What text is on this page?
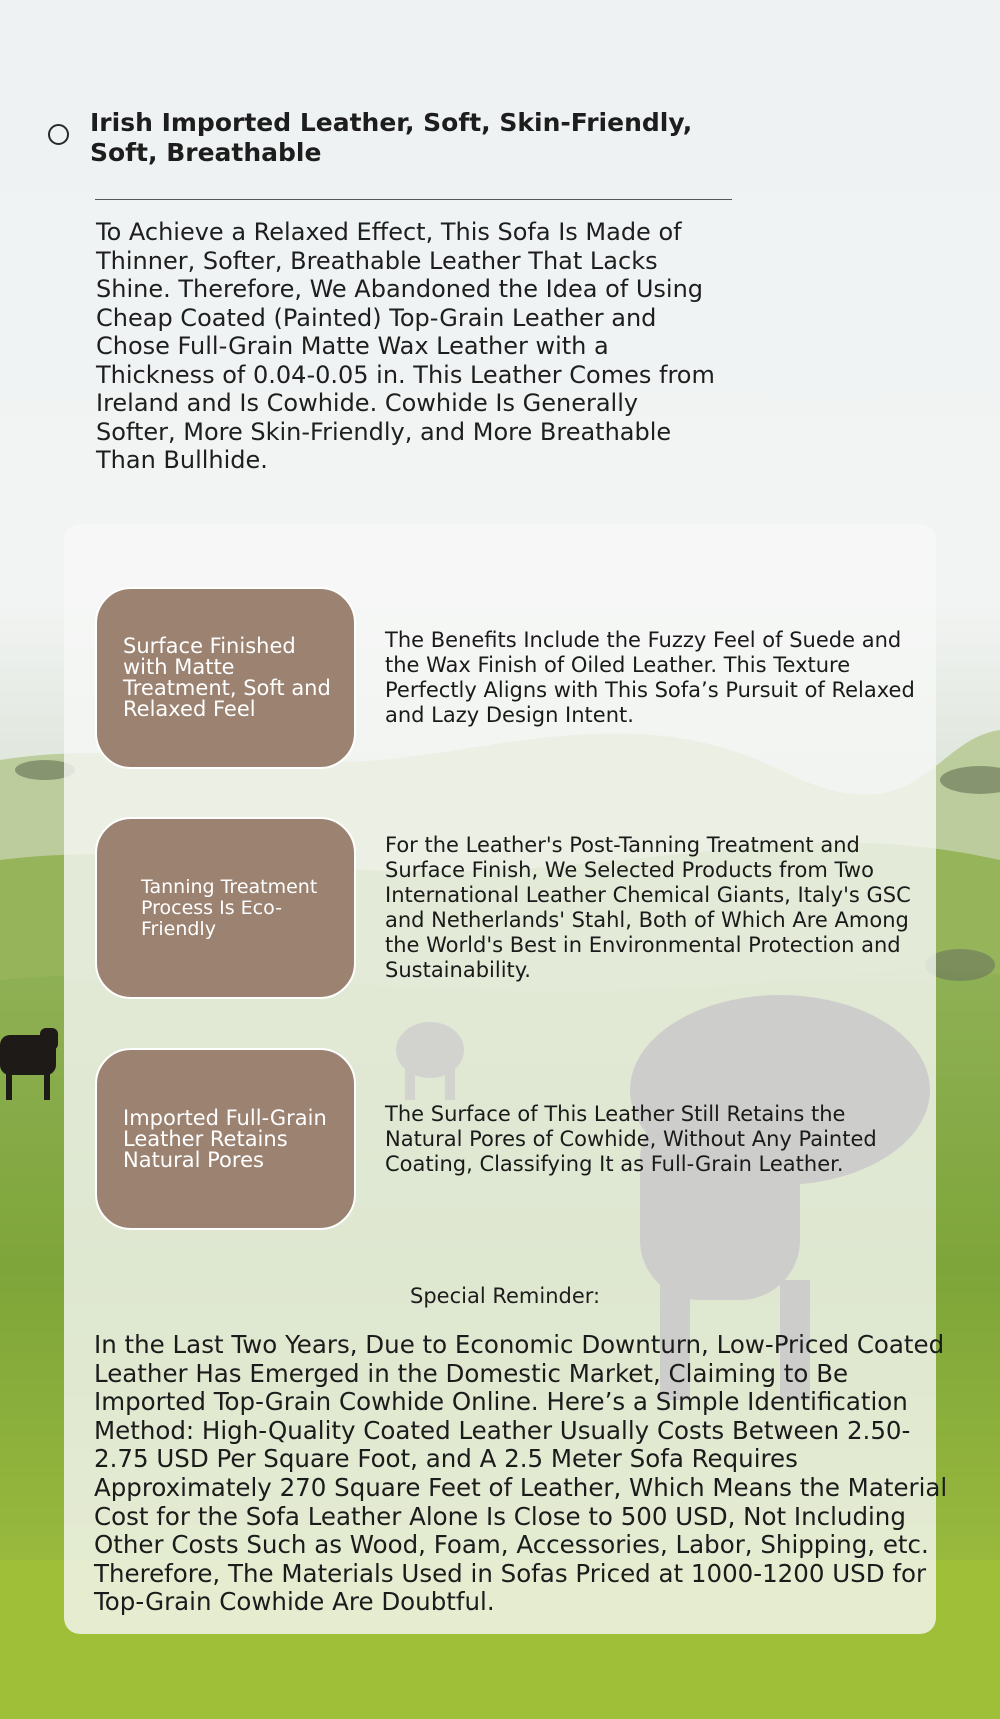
Irish Imported Leather, Soft, Skin-Friendly, Soft, Breathable

To Achieve a Relaxed Effect, This Sofa Is Made of Thinner, Softer, Breathable Leather That Lacks Shine. Therefore, We Abandoned the Idea of Using Cheap Coated (Painted) Top-Grain Leather and Chose Full-Grain Matte Wax Leather with a Thickness of 0.04-0.05 in. This Leather Comes from Ireland and Is Cowhide. Cowhide Is Generally Softer, More Skin-Friendly, and More Breathable Than Bullhide.

Surface Finished with Matte Treatment, Soft and Relaxed Feel
The Benefits Include the Fuzzy Feel of Suede and the Wax Finish of Oiled Leather. This Texture Perfectly Aligns with This Sofa’s Pursuit of Relaxed and Lazy Design Intent.
Tanning Treatment Process Is Eco-Friendly
For the Leather's Post-Tanning Treatment and Surface Finish, We Selected Products from Two International Leather Chemical Giants, Italy's GSC and Netherlands' Stahl, Both of Which Are Among the World's Best in Environmental Protection and Sustainability.
Imported Full-Grain Leather Retains Natural Pores
The Surface of This Leather Still Retains the Natural Pores of Cowhide, Without Any Painted Coating, Classifying It as Full-Grain Leather.
Special Reminder:

In the Last Two Years, Due to Economic Downturn, Low-Priced Coated Leather Has Emerged in the Domestic Market, Claiming to Be Imported Top-Grain Cowhide Online. Here’s a Simple Identification Method: High-Quality Coated Leather Usually Costs Between 2.50-2.75 USD Per Square Foot, and A 2.5 Meter Sofa Requires Approximately 270 Square Feet of Leather, Which Means the Material Cost for the Sofa Leather Alone Is Close to 500 USD, Not Including Other Costs Such as Wood, Foam, Accessories, Labor, Shipping, etc. Therefore, The Materials Used in Sofas Priced at 1000-1200 USD for Top-Grain Cowhide Are Doubtful.
